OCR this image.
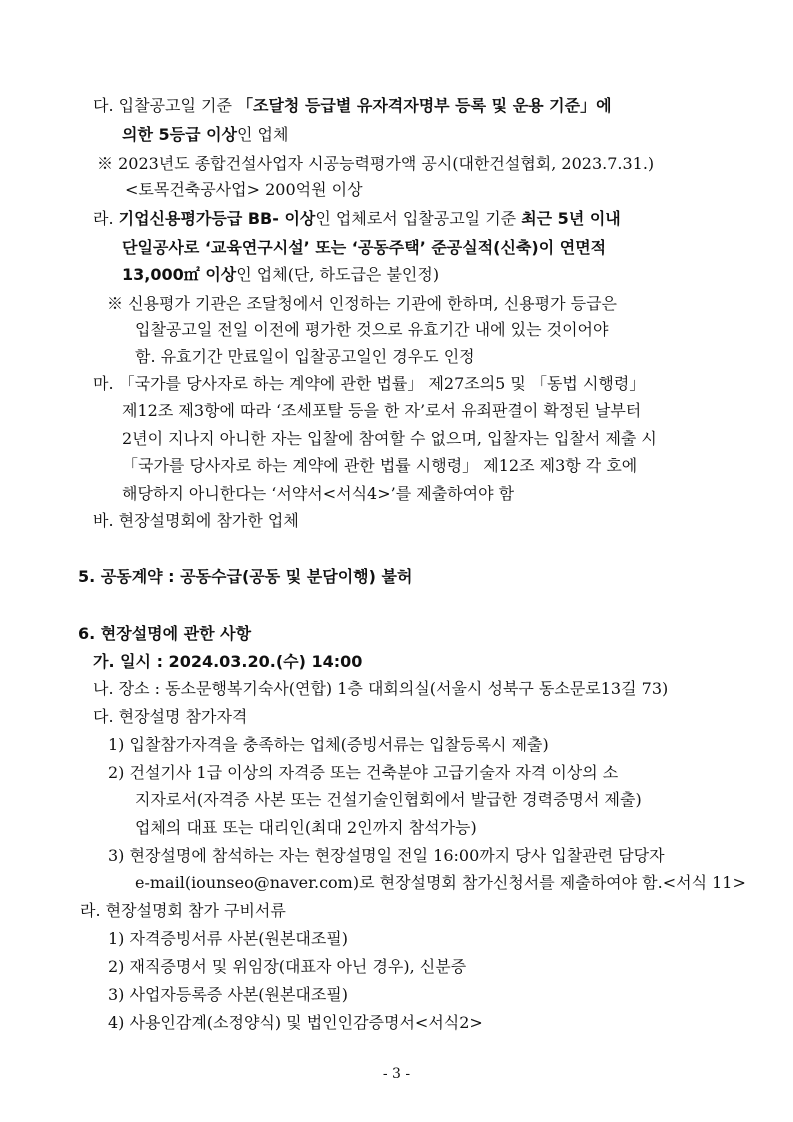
다. 입찰공고일 기준 「조달청 등급별 유자격자명부 등록 및 운용 기준」에
의한 5등급 이상인 업체
※ 2023년도 종합건설사업자 시공능력평가액 공시(대한건설협회, 2023.7.31.)
<토목건축공사업> 200억원 이상
라. 기업신용평가등급 BB- 이상인 업체로서 입찰공고일 기준 최근 5년 이내
단일공사로 ‘교육연구시설’ 또는 ‘공동주택’ 준공실적(신축)이 연면적
13,000㎡ 이상인 업체(단, 하도급은 불인정)
※ 신용평가 기관은 조달청에서 인정하는 기관에 한하며, 신용평가 등급은
입찰공고일 전일 이전에 평가한 것으로 유효기간 내에 있는 것이어야
함. 유효기간 만료일이 입찰공고일인 경우도 인정
마. 「국가를 당사자로 하는 계약에 관한 법률」 제27조의5 및 「동법 시행령」
제12조 제3항에 따라 ‘조세포탈 등을 한 자’로서 유죄판결이 확정된 날부터
2년이 지나지 아니한 자는 입찰에 참여할 수 없으며, 입찰자는 입찰서 제출 시
「국가를 당사자로 하는 계약에 관한 법률 시행령」 제12조 제3항 각 호에
해당하지 아니한다는 ‘서약서<서식4>’를 제출하여야 함
바. 현장설명회에 참가한 업체
5. 공동계약 : 공동수급(공동 및 분담이행) 불허
6. 현장설명에 관한 사항
가. 일시 : 2024.03.20.(수) 14:00
나. 장소 : 동소문행복기숙사(연합) 1층 대회의실(서울시 성북구 동소문로13길 73)
다. 현장설명 참가자격
1) 입찰참가자격을 충족하는 업체(증빙서류는 입찰등록시 제출)
2) 건설기사 1급 이상의 자격증 또는 건축분야 고급기술자 자격 이상의 소
지자로서(자격증 사본 또는 건설기술인협회에서 발급한 경력증명서 제출)
업체의 대표 또는 대리인(최대 2인까지 참석가능)
3) 현장설명에 참석하는 자는 현장설명일 전일 16:00까지 당사 입찰관련 담당자
e-mail(iounseo@naver.com)로 현장설명회 참가신청서를 제출하여야 함.<서식 11>
라. 현장설명회 참가 구비서류
1) 자격증빙서류 사본(원본대조필)
2) 재직증명서 및 위임장(대표자 아닌 경우), 신분증
3) 사업자등록증 사본(원본대조필)
4) 사용인감계(소정양식) 및 법인인감증명서<서식2>
- 3 -
